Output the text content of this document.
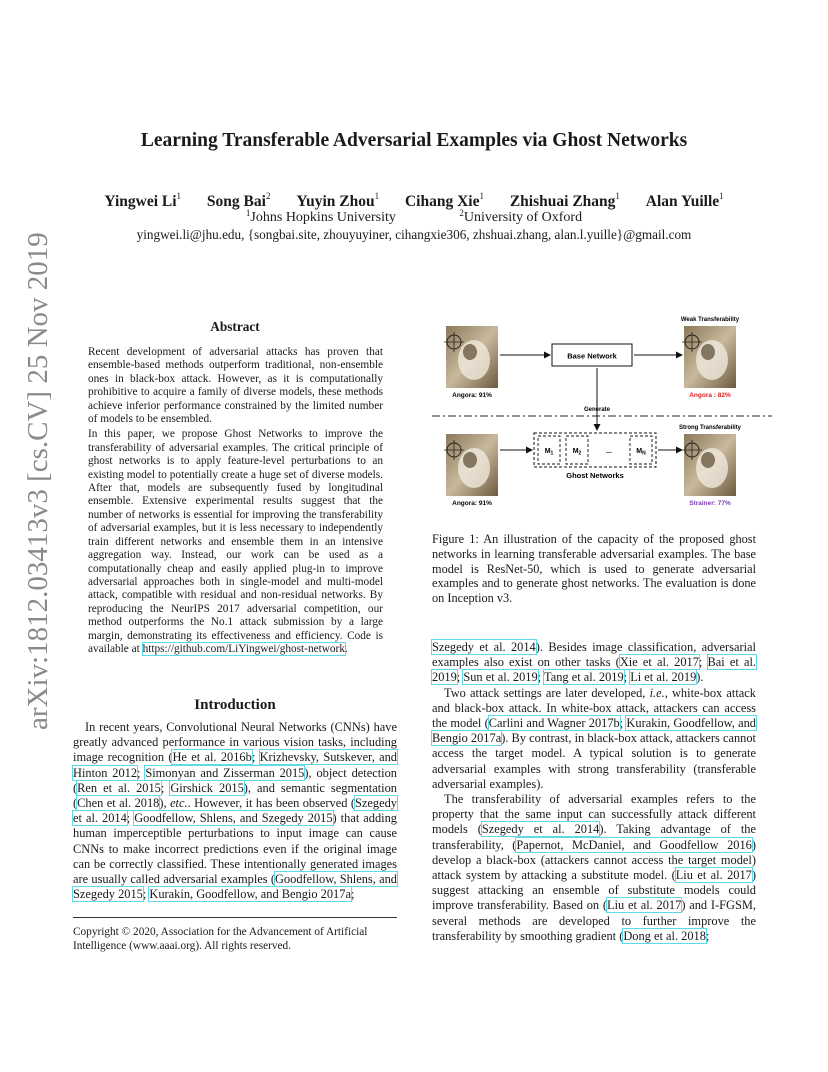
arXiv:1812.03413v3 [cs.CV] 25 Nov 2019
Learning Transferable Adversarial Examples via Ghost Networks
Yingwei Li$^1$ Song Bai$^2$ Yuyin Zhou$^1$ Cihang Xie$^1$ Zhishuai Zhang$^1$ Alan Yuille$^1$
$^1$Johns Hopkins University	$^2$University of Oxford
yingwei.li@jhu.edu, {songbai.site, zhouyuyiner, cihangxie306, zhshuai.zhang, alan.l.yuille}@gmail.com
Abstract

Recent development of adversarial attacks has proven that ensemble-based methods outperform traditional, non-ensemble ones in black-box attack. However, as it is computationally prohibitive to acquire a family of diverse models, these methods achieve inferior performance constrained by the limited number of models to be ensembled.

In this paper, we propose Ghost Networks to improve the transferability of adversarial examples. The critical principle of ghost networks is to apply feature-level perturbations to an existing model to potentially create a huge set of diverse models. After that, models are subsequently fused by longitudinal ensemble. Extensive experimental results suggest that the number of networks is essential for improving the transferability of adversarial examples, but it is less necessary to independently train different networks and ensemble them in an intensive aggregation way. Instead, our work can be used as a computationally cheap and easily applied plug-in to improve adversarial approaches both in single-model and multi-model attack, compatible with residual and non-residual networks. By reproducing the NeurIPS 2017 adversarial competition, our method outperforms the No.1 attack submission by a large margin, demonstrating its effectiveness and efficiency. Code is available at https://github.com/LiYingwei/ghost-network.

Introduction

In recent years, Convolutional Neural Networks (CNNs) have greatly advanced performance in various vision tasks, including image recognition (He et al. 2016b; Krizhevsky, Sutskever, and Hinton 2012; Simonyan and Zisserman 2015), object detection (Ren et al. 2015; Girshick 2015), and semantic segmentation (Chen et al. 2018), etc.. However, it has been observed (Szegedy et al. 2014; Goodfellow, Shlens, and Szegedy 2015) that adding human imperceptible perturbations to input image can cause CNNs to make incorrect predictions even if the original image can be correctly classified. These intentionally generated images are usually called adversarial examples (Goodfellow, Shlens, and Szegedy 2015; Kurakin, Goodfellow, and Bengio 2017a;

Copyright © 2020, Association for the Advancement of Artificial Intelligence (www.aaai.org). All rights reserved.
Angora: 91%
Angora: 91%
Base Network
Weak Transferability
Angora : 82%
Generate
$M_1$	$M_2$	...	$M_N$
Ghost Networks
Strong Transferability
Strainer: 77%
Figure 1: An illustration of the capacity of the proposed ghost networks in learning transferable adversarial examples. The base model is ResNet-50, which is used to generate adversarial examples and to generate ghost networks. The evaluation is done on Inception v3.

Szegedy et al. 2014). Besides image classification, adversarial examples also exist on other tasks (Xie et al. 2017; Bai et al. 2019; Sun et al. 2019; Tang et al. 2019; Li et al. 2019).

Two attack settings are later developed, i.e., white-box attack and black-box attack. In white-box attack, attackers can access the model (Carlini and Wagner 2017b; Kurakin, Goodfellow, and Bengio 2017a). By contrast, in black-box attack, attackers cannot access the target model. A typical solution is to generate adversarial examples with strong transferability (transferable adversarial examples).

The transferability of adversarial examples refers to the property that the same input can successfully attack different models (Szegedy et al. 2014). Taking advantage of the transferability, (Papernot, McDaniel, and Goodfellow 2016) develop a black-box (attackers cannot access the target model) attack system by attacking a substitute model. (Liu et al. 2017) suggest attacking an ensemble of substitute models could improve transferability. Based on (Liu et al. 2017) and I-FGSM, several methods are developed to further improve the transferability by smoothing gradient (Dong et al. 2018;
